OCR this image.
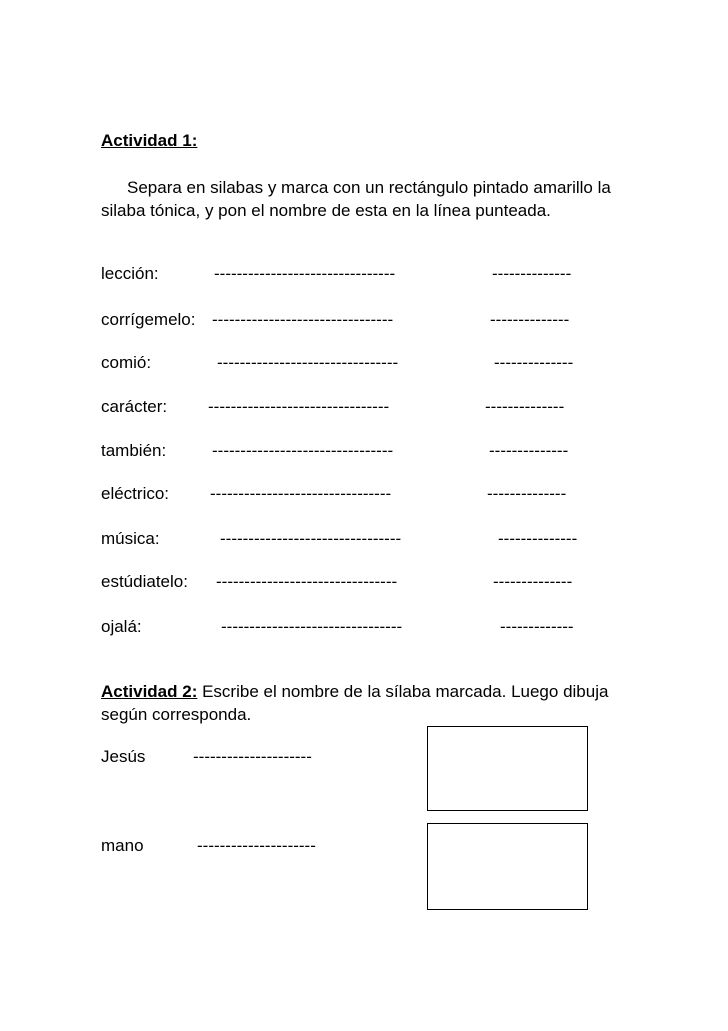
Actividad 1:
Separa en silabas y marca con un rectángulo pintado amarillo la silaba tónica, y pon el nombre de esta en la línea punteada.
lección:	--------------------------------	--------------
corrígemelo: --------------------------------	--------------
comió:	--------------------------------	--------------
carácter: --------------------------------	--------------
también:	--------------------------------	--------------
eléctrico: --------------------------------	--------------
música:	--------------------------------	--------------
estúdiatelo: --------------------------------	--------------
ojalá:	--------------------------------	-------------
Actividad 2: Escribe el nombre de la sílaba marcada. Luego dibuja según corresponda.
Jesús	---------------------
mano	---------------------
